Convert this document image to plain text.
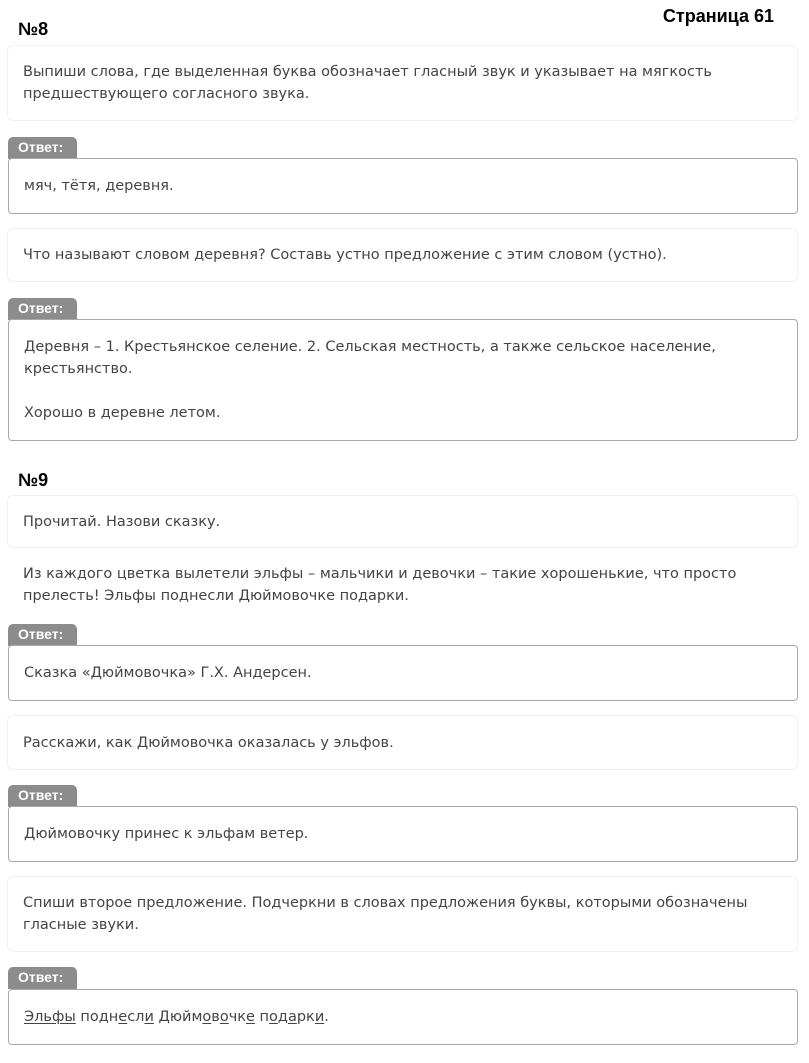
Страница 61
№8
Выпиши слова, где выделенная буква обозначает гласный звук и указывает на мягкость предшествующего согласного звука.
Ответ:
мяч, тётя, деревня.
Что называют словом деревня? Составь устно предложение с этим словом (устно).
Ответ:
Деревня – 1. Крестьянское селение. 2. Сельская местность, а также сельское население, крестьянство.
Хорошо в деревне летом.
№9
Прочитай. Назови сказку.
Из каждого цветка вылетели эльфы – мальчики и девочки – такие хорошенькие, что просто прелесть! Эльфы поднесли Дюймовочке подарки.
Ответ:
Сказка «Дюймовочка» Г.Х. Андерсен.
Расскажи, как Дюймовочка оказалась у эльфов.
Ответ:
Дюймовочку принес к эльфам ветер.
Спиши второе предложение. Подчеркни в словах предложения буквы, которыми обозначены гласные звуки.
Ответ:
Эльфы поднесли Дюймовочке подарки.
